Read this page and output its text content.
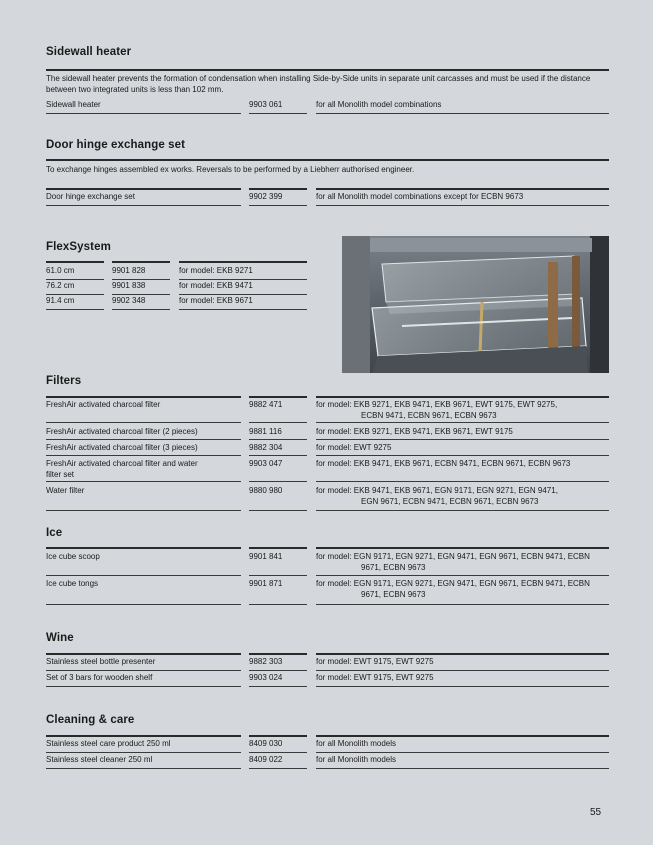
Sidewall heater
The sidewall heater prevents the formation of condensation when installing Side-by-Side units in separate unit carcasses and must be used if the distance between two integrated units is less than 102 mm.
Sidewall heater	9903 061	for all Monolith model combinations
Door hinge exchange set
To exchange hinges assembled ex works. Reversals to be performed by a Liebherr authorised engineer.
Door hinge exchange set	9902 399	for all Monolith model combinations except for ECBN 9673
FlexSystem
61.0 cm	9901 828	for model: EKB 9271
76.2 cm	9901 838	for model: EKB 9471
91.4 cm	9902 348	for model: EKB 9671
Filters
FreshAir activated charcoal filter	9882 471	for model: EKB 9271, EKB 9471, EKB 9671, EWT 9175, EWT 9275,
ECBN 9471, ECBN 9671, ECBN 9673
FreshAir activated charcoal filter (2 pieces)	9881 116	for model: EKB 9271, EKB 9471, EKB 9671, EWT 9175
FreshAir activated charcoal filter (3 pieces)	9882 304	for model: EWT 9275
FreshAir activated charcoal filter and water
filter set
9903 047	for model: EKB 9471, EKB 9671, ECBN 9471, ECBN 9671, ECBN 9673
Water filter	9880 980	for model: EKB 9471, EKB 9671, EGN 9171, EGN 9271, EGN 9471,
EGN 9671, ECBN 9471, ECBN 9671, ECBN 9673
Ice
Ice cube scoop	9901 841	for model: EGN 9171, EGN 9271, EGN 9471, EGN 9671, ECBN 9471, ECBN
9671, ECBN 9673
Ice cube tongs	9901 871	for model: EGN 9171, EGN 9271, EGN 9471, EGN 9671, ECBN 9471, ECBN
9671, ECBN 9673
Wine
Stainless steel bottle presenter	9882 303	for model: EWT 9175, EWT 9275
Set of 3 bars for wooden shelf	9903 024	for model: EWT 9175, EWT 9275
Cleaning & care
Stainless steel care product 250 ml	8409 030	for all Monolith models
Stainless steel cleaner 250 ml	8409 022	for all Monolith models
55
